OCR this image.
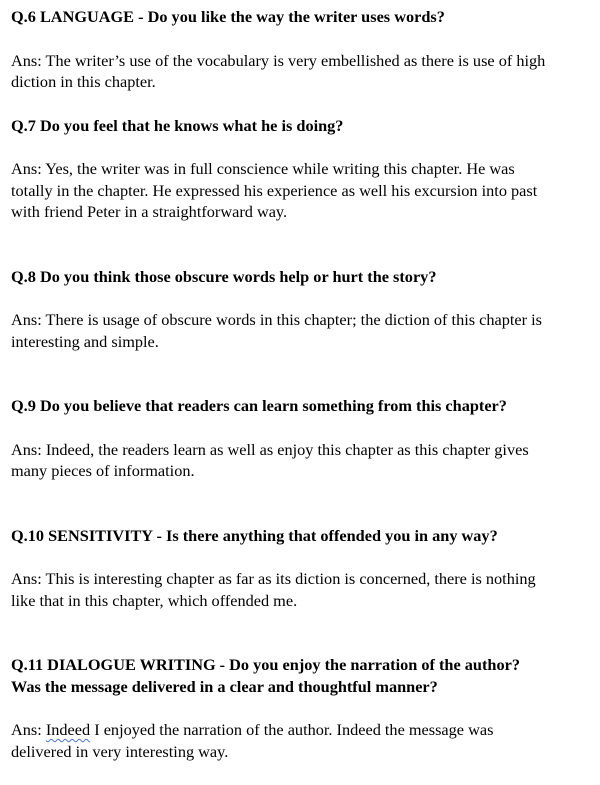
Q.6 LANGUAGE - Do you like the way the writer uses words?

Ans: The writer’s use of the vocabulary is very embellished as there is use of high

diction in this chapter.

Q.7 Do you feel that he knows what he is doing?

Ans: Yes, the writer was in full conscience while writing this chapter. He was

totally in the chapter. He expressed his experience as well his excursion into past

with friend Peter in a straightforward way.

Q.8 Do you think those obscure words help or hurt the story?

Ans: There is usage of obscure words in this chapter; the diction of this chapter is

interesting and simple.

Q.9 Do you believe that readers can learn something from this chapter?

Ans: Indeed, the readers learn as well as enjoy this chapter as this chapter gives

many pieces of information.

Q.10 SENSITIVITY - Is there anything that offended you in any way?

Ans: This is interesting chapter as far as its diction is concerned, there is nothing

like that in this chapter, which offended me.

Q.11 DIALOGUE WRITING - Do you enjoy the narration of the author?

Was the message delivered in a clear and thoughtful manner?

Ans: Indeed I enjoyed the narration of the author. Indeed the message was

delivered in very interesting way.
